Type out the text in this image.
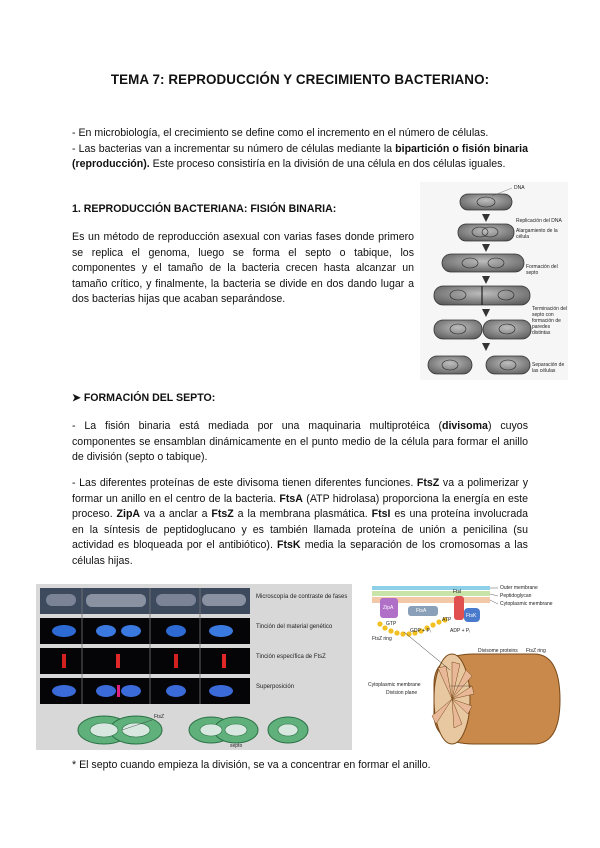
TEMA 7: REPRODUCCIÓN Y CRECIMIENTO BACTERIANO:
- En microbiología, el crecimiento se define como el incremento en el número de células.
- Las bacterias van a incrementar su número de células mediante la bipartición o fisión binaria (reproducción). Este proceso consistiría en la división de una célula en dos células iguales.
1. REPRODUCCIÓN BACTERIANA: FISIÓN BINARIA:
Es un método de reproducción asexual con varias fases donde primero se replica el genoma, luego se forma el septo o tabique, los componentes y el tamaño de la bacteria crecen hasta alcanzar un tamaño crítico, y finalmente, la bacteria se divide en dos dando lugar a dos bacterias hijas que acaban separándose.
DNA
Replicación del DNA
Alargamiento de la célula
Formación del septo
Terminación del septo con formación de paredes distintas
Separación de las células
➤ FORMACIÓN DEL SEPTO:
- La fisión binaria está mediada por una maquinaria multiprotéica (divisoma) cuyos componentes se ensamblan dinámicamente en el punto medio de la célula para formar el anillo de división (septo o tabique).
- Las diferentes proteínas de este divisoma tienen diferentes funciones. FtsZ va a polimerizar y formar un anillo en el centro de la bacteria. FtsA (ATP hidrolasa) proporciona la energía en este proceso. ZipA va a anclar a FtsZ a la membrana plasmática. FtsI es una proteína involucrada en la síntesis de peptidoglucano y es también llamada proteína de unión a penicilina (su actividad es bloqueada por el antibiótico). FtsK media la separación de los cromosomas a las células hijas.
Microscopía de contraste de fases
Tinción del material genético
Tinción específica de FtsZ
Superposición
FtsZ
septo
Outer membrane
Peptidoglycan
Cytoplasmic membrane
ZipA	FtsA
FtsI
FtsK
ATP
GTP
GDP + Pᵢ	ADP + Pᵢ
FtsZ ring
Divisome proteins FtsZ ring
Cytoplasmic membrane
Division plane
* El septo cuando empieza la división, se va a concentrar en formar el anillo.
